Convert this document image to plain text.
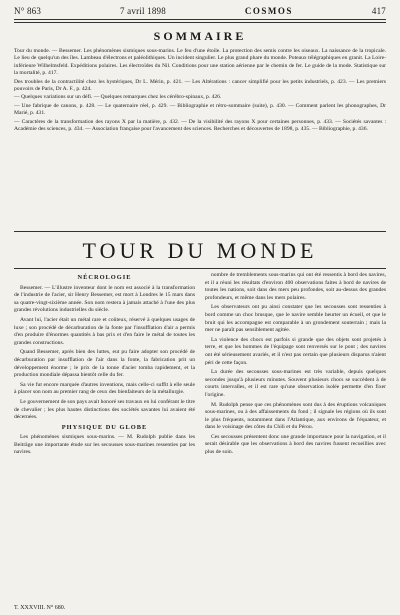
N° 863	7 avril 1898	COSMOS	417
SOMMAIRE

Tour du monde. — Bessemer. Les phénomènes sismiques sous-marins. Le feu d'une étoile. La protection des semis contre les oiseaux. La naissance de la tropicale. Le lieu de quelqu'un des îles. Lambeau d'électrons et paléolithiques. Un incident singulier. Le plus grand phare du monde. Poteaux télégraphiques en granit. La Loire-inférieure Wilhelmsfeld. Expéditions polaires. Les électroïdes du Nil. Conditions pour une station aérienne par le chemin de fer. Le guide de la mode. Statistique sur la mortalité, p. 417.

Des troubles de la contractilité chez les hystériques, Dr L. Mérin, p. 421. — Les Altérations : cancer simplifié pour les petits industriels, p. 423. — Les premiers pouvoirs de Paris, Dr A. F., p. 424.

— Quelques variations sur un défi. — Quelques remarques chez les cérébro-spinaux, p. 426.

— Une fabrique de canons, p. 428. — Le quaternaire réel, p. 429. — Bibliographie et rétro-sommaire (suite), p. 430. — Comment parlent les phonographes, Dr Marié, p. 431.

— Caractères de la transformation des rayons X par la matière, p. 432. — De la visibilité des rayons X pour certaines personnes, p. 433. — Sociétés savantes : Académie des sciences, p. 434. — Association française pour l'avancement des sciences. Recherches et découvertes de 1898, p. 435. — Bibliographie, p. 436.

TOUR DU MONDE
NÉCROLOGIE

Bessemer. — L'illustre inventeur dont le nom est associé à la transformation de l'industrie de l'acier, sir Henry Bessemer, est mort à Londres le 15 mars dans sa quatre-vingt-sixième année. Son nom restera à jamais attaché à l'une des plus grandes révolutions industrielles du siècle.

Avant lui, l'acier était un métal rare et coûteux, réservé à quelques usages de luxe ; son procédé de décarburation de la fonte par l'insufflation d'air a permis d'en produire d'énormes quantités à bas prix et d'en faire le métal de toutes les grandes constructions.

Quand Bessemer, après bien des luttes, eut pu faire adopter son procédé de décarburation par insufflation de l'air dans la fonte, la fabrication prit un développement énorme ; le prix de la tonne d'acier tomba rapidement, et la production mondiale dépassa bientôt celle du fer.

Sa vie fut encore marquée d'autres inventions, mais celle-ci suffit à elle seule à placer son nom au premier rang de ceux des bienfaiteurs de la métallurgie.

Le gouvernement de son pays avait honoré ses travaux en lui conférant le titre de chevalier ; les plus hautes distinctions des sociétés savantes lui avaient été décernées.

PHYSIQUE DU GLOBE

Les phénomènes sismiques sous-marins. — M. Rudolph publie dans les Beiträge une importante étude sur les secousses sous-marines ressenties par les navires.

nombre de tremblements sous-marins qui ont été ressentis à bord des navires, et il a réuni les résultats d'environ 400 observations faites à bord de navires de toutes les nations, soit dans des mers peu profondes, soit au-dessus des grandes profondeurs, et même dans les mers polaires.

Les observateurs ont pu ainsi constater que les secousses sont ressenties à bord comme un choc brusque, que le navire semble heurter un écueil, et que le bruit qui les accompagne est comparable à un grondement souterrain ; mais la mer ne paraît pas sensiblement agitée.

La violence des chocs est parfois si grande que des objets sont projetés à terre, et que les hommes de l'équipage sont renversés sur le pont ; des navires ont été sérieusement avariés, et il n'est pas certain que plusieurs disparus n'aient péri de cette façon.

La durée des secousses sous-marines est très variable, depuis quelques secondes jusqu'à plusieurs minutes. Souvent plusieurs chocs se succèdent à de courts intervalles, et il est rare qu'une observation isolée permette d'en fixer l'origine.

M. Rudolph pense que ces phénomènes sont dus à des éruptions volcaniques sous-marines, ou à des affaissements du fond ; il signale les régions où ils sont le plus fréquents, notamment dans l'Atlantique, aux environs de l'équateur, et dans le voisinage des côtes du Chili et du Pérou.

Ces secousses présentent donc une grande importance pour la navigation, et il serait désirable que les observations à bord des navires fussent recueillies avec plus de soin.

T. XXXVIII. N° 680.
